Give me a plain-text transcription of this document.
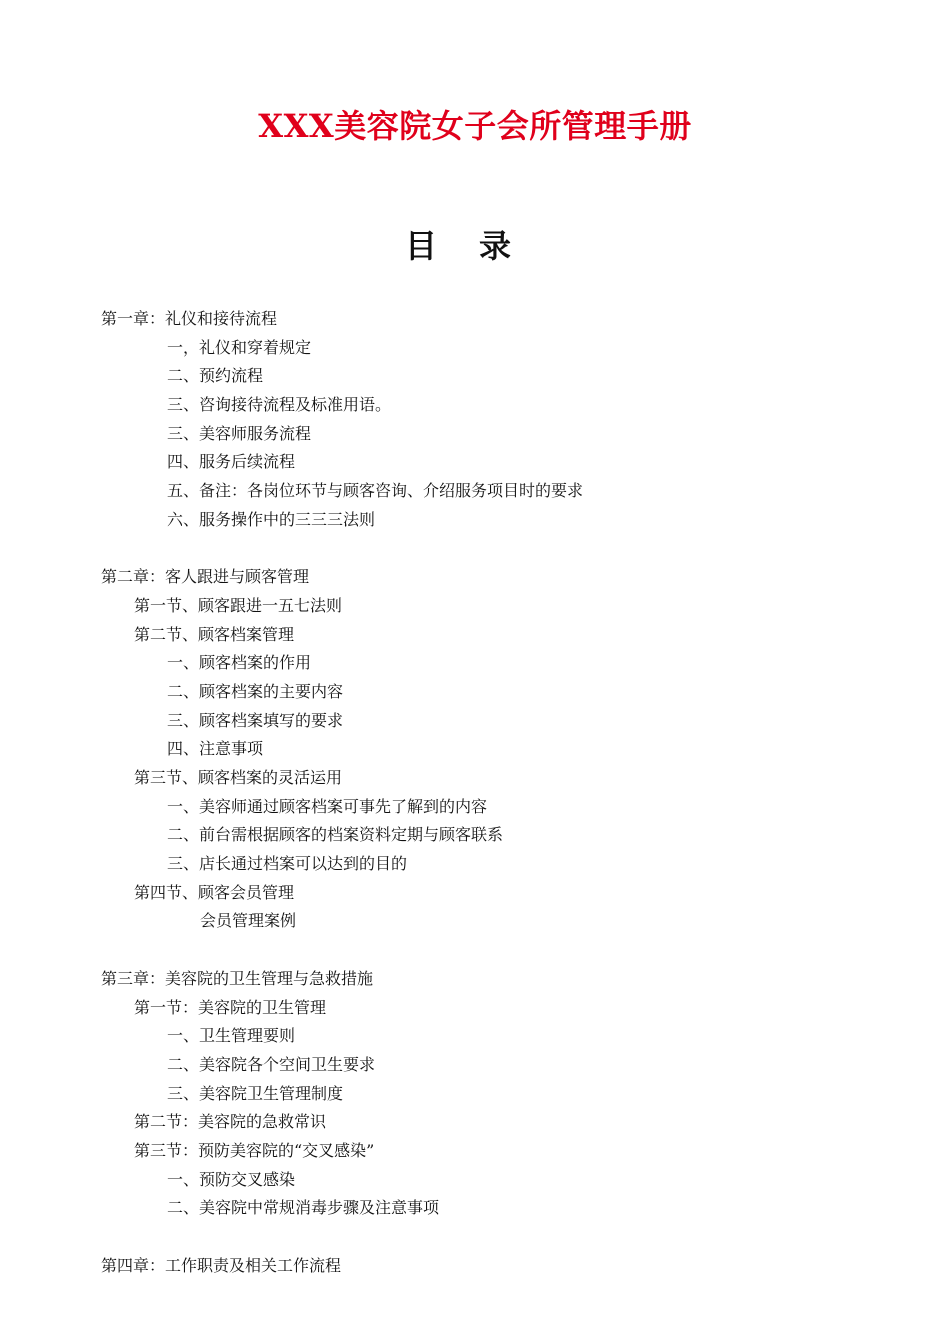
XXX美容院女子会所管理手册
目 录
第一章：礼仪和接待流程
一，礼仪和穿着规定
二、预约流程
三、咨询接待流程及标准用语。
三、美容师服务流程
四、服务后续流程
五、备注：各岗位环节与顾客咨询、介绍服务项目时的要求
六、服务操作中的三三三法则
第二章：客人跟进与顾客管理
第一节、顾客跟进一五七法则
第二节、顾客档案管理
一、顾客档案的作用
二、顾客档案的主要内容
三、顾客档案填写的要求
四、注意事项
第三节、顾客档案的灵活运用
一、美容师通过顾客档案可事先了解到的内容
二、前台需根据顾客的档案资料定期与顾客联系
三、店长通过档案可以达到的目的
第四节、顾客会员管理
会员管理案例
第三章：美容院的卫生管理与急救措施
第一节：美容院的卫生管理
一、卫生管理要则
二、美容院各个空间卫生要求
三、美容院卫生管理制度
第二节：美容院的急救常识
第三节：预防美容院的“交叉感染”
一、预防交叉感染
二、美容院中常规消毒步骤及注意事项
第四章：工作职责及相关工作流程
